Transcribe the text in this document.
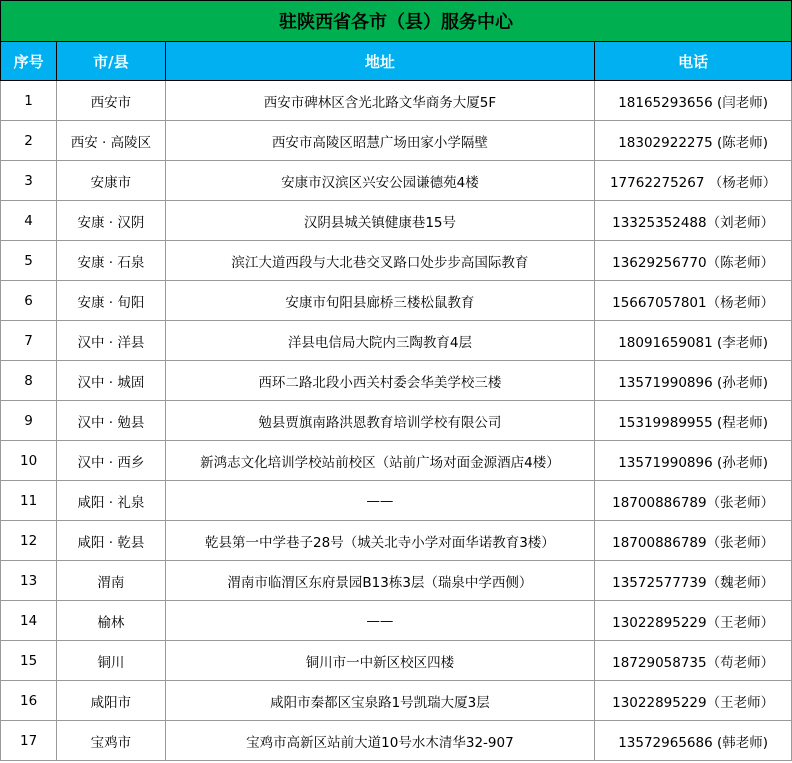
驻陕西省各市（县）服务中心			
序号	市/县	地址	电话
1	西安市	西安市碑林区含光北路文华商务大厦5F	18165293656 (闫老师)
2	西安 · 高陵区	西安市高陵区昭慧广场田家小学隔壁	18302922275 (陈老师)
3	安康市	安康市汉滨区兴安公园谦德苑4楼	17762275267 （杨老师）
4	安康 · 汉阴	汉阴县城关镇健康巷15号	13325352488（刘老师）
5	安康 · 石泉	滨江大道西段与大北巷交叉路口处步步高国际教育	13629256770（陈老师）
6	安康 · 旬阳	安康市旬阳县廊桥三楼松鼠教育	15667057801（杨老师）
7	汉中 · 洋县	洋县电信局大院内三陶教育4层	18091659081 (李老师)
8	汉中 · 城固	西环二路北段小西关村委会华美学校三楼	13571990896 (孙老师)
9	汉中 · 勉县	勉县贾旗南路洪恩教育培训学校有限公司	15319989955 (程老师)
10	汉中 · 西乡	新鸿志文化培训学校站前校区（站前广场对面金源酒店4楼）	13571990896 (孙老师)
11	咸阳 · 礼泉	——	18700886789（张老师）
12	咸阳 · 乾县	乾县第一中学巷子28号（城关北寺小学对面华诺教育3楼）	18700886789（张老师）
13	渭南	渭南市临渭区东府景园B13栋3层（瑞泉中学西侧）	13572577739（魏老师）
14	榆林	——	13022895229（王老师）
15	铜川	铜川市一中新区校区四楼	18729058735（苟老师）
16	咸阳市	咸阳市秦都区宝泉路1号凯瑞大厦3层	13022895229（王老师）
17	宝鸡市	宝鸡市高新区站前大道10号水木清华32-907	13572965686 (韩老师)
